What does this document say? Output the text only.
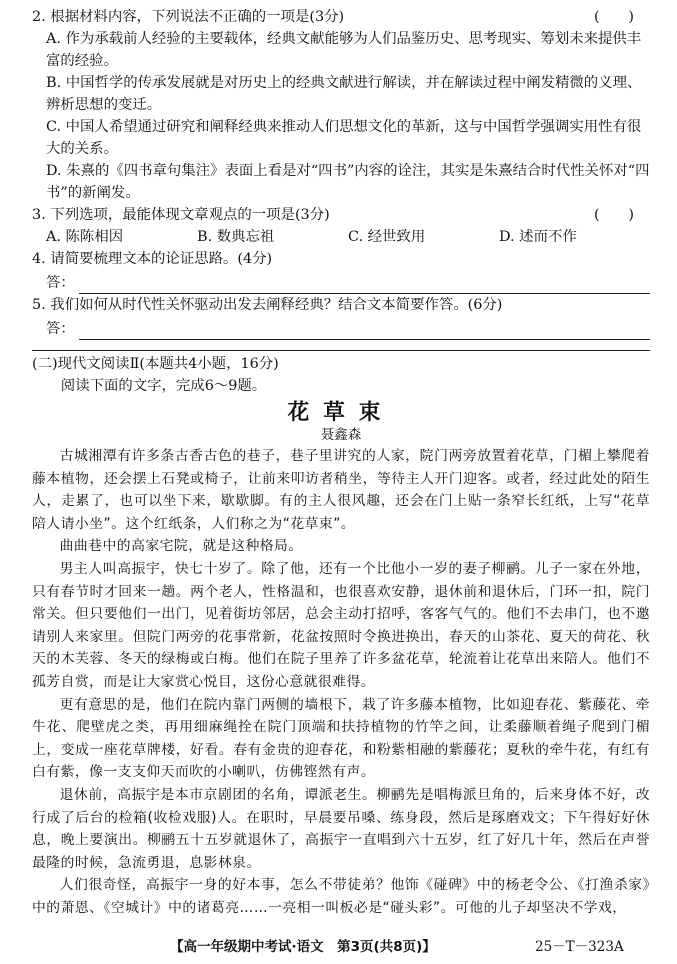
2. 根据材料内容，下列说法不正确的一项是(3分)	(　　)

A. 作为承载前人经验的主要载体，经典文献能够为人们品鉴历史、思考现实、筹划未来提供丰富的经验。

B. 中国哲学的传承发展就是对历史上的经典文献进行解读，并在解读过程中阐发精微的义理、辨析思想的变迁。

C. 中国人希望通过研究和阐释经典来推动人们思想文化的革新，这与中国哲学强调实用性有很大的关系。

D. 朱熹的《四书章句集注》表面上看是对“四书”内容的诠注，其实是朱熹结合时代性关怀对“四书”的新阐发。

3. 下列选项，最能体现文章观点的一项是(3分)	(　　)

A. 陈陈相因	B. 数典忘祖	C. 经世致用	D. 述而不作

4. 请简要梳理文本的论证思路。(4分)

答：

5. 我们如何从时代性关怀驱动出发去阐释经典？结合文本简要作答。(6分)

答：

(二)现代文阅读Ⅱ(本题共4小题，16分)

阅读下面的文字，完成6～9题。

花草束

聂鑫森

古城湘潭有许多条古香古色的巷子，巷子里讲究的人家，院门两旁放置着花草，门楣上攀爬着藤本植物，还会摆上石凳或椅子，让前来叩访者稍坐，等待主人开门迎客。或者，经过此处的陌生人，走累了，也可以坐下来，歇歇脚。有的主人很风趣，还会在门上贴一条窄长红纸，上写“花草陪人请小坐”。这个红纸条，人们称之为“花草束”。

曲曲巷中的高家宅院，就是这种格局。

男主人叫高振宇，快七十岁了。除了他，还有一个比他小一岁的妻子柳鹂。儿子一家在外地，只有春节时才回来一趟。两个老人，性格温和，也很喜欢安静，退休前和退休后，门环一扣，院门常关。但只要他们一出门，见着街坊邻居，总会主动打招呼，客客气气的。他们不去串门，也不邀请别人来家里。但院门两旁的花事常新，花盆按照时令换进换出，春天的山茶花、夏天的荷花、秋天的木芙蓉、冬天的绿梅或白梅。他们在院子里养了许多盆花草，轮流着让花草出来陪人。他们不孤芳自赏，而是让大家赏心悦目，这份心意就很难得。

更有意思的是，他们在院内靠门两侧的墙根下，栽了许多藤本植物，比如迎春花、紫藤花、牵牛花、爬壁虎之类，再用细麻绳拴在院门顶端和扶持植物的竹竿之间，让柔藤顺着绳子爬到门楣上，变成一座花草牌楼，好看。春有金贵的迎春花，和粉紫相融的紫藤花；夏秋的牵牛花，有红有白有紫，像一支支仰天而吹的小喇叭，仿佛铿然有声。

退休前，高振宇是本市京剧团的名角，谭派老生。柳鹂先是唱梅派旦角的，后来身体不好，改行成了后台的检箱(收检戏服)人。在职时，早晨要吊嗓、练身段，然后是琢磨戏文；下午得好好休息，晚上要演出。柳鹂五十五岁就退休了，高振宇一直唱到六十五岁，红了好几十年，然后在声誉最隆的时候，急流勇退，息影林泉。

人们很奇怪，高振宇一身的好本事，怎么不带徒弟？他饰《碰碑》中的杨老令公、《打渔杀家》中的萧恩、《空城计》中的诸葛亮……一亮相一叫板必是“碰头彩”。可他的儿子却坚决不学戏，

【高一年级期中考试·语文　第3页(共8页)】	25－T－323A
